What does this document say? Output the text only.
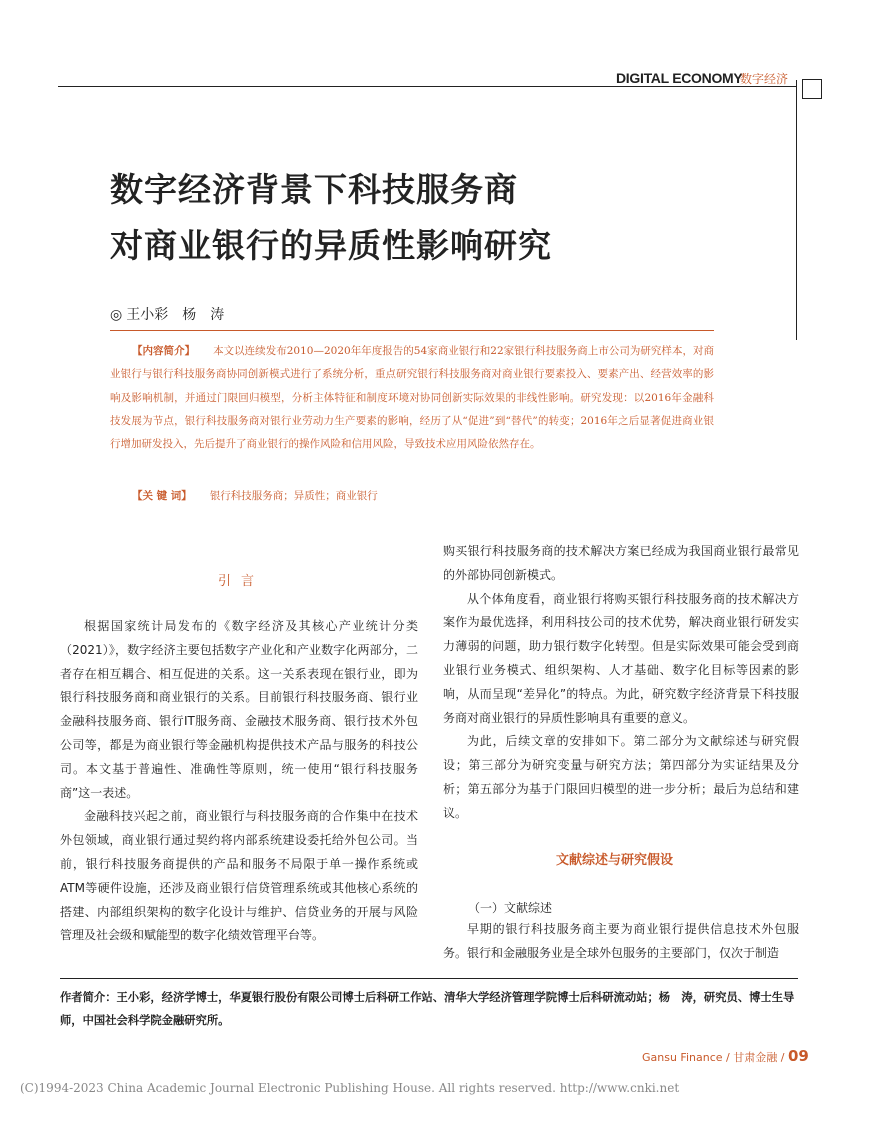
DIGITAL ECONOMY
数字经济
数字经济背景下科技服务商
对商业银行的异质性影响研究
◎ 王小彩　杨　涛
【内容简介】 本文以连续发布2010—2020年年度报告的54家商业银行和22家银行科技服务商上市公司为研究样本，对商业银行与银行科技服务商协同创新模式进行了系统分析，重点研究银行科技服务商对商业银行要素投入、要素产出、经营效率的影响及影响机制，并通过门限回归模型，分析主体特征和制度环境对协同创新实际效果的非线性影响。研究发现：以2016年金融科技发展为节点，银行科技服务商对银行业劳动力生产要素的影响，经历了从“促进”到“替代”的转变；2016年之后显著促进商业银行增加研发投入，先后提升了商业银行的操作风险和信用风险，导致技术应用风险依然存在。
【关 键 词】 银行科技服务商；异质性；商业银行
引言

根据国家统计局发布的《数字经济及其核心产业统计分类（2021）》，数字经济主要包括数字产业化和产业数字化两部分，二者存在相互耦合、相互促进的关系。这一关系表现在银行业，即为银行科技服务商和商业银行的关系。目前银行科技服务商、银行业金融科技服务商、银行IT服务商、金融技术服务商、银行技术外包公司等，都是为商业银行等金融机构提供技术产品与服务的科技公司。本文基于普遍性、准确性等原则，统一使用“银行科技服务商”这一表述。

金融科技兴起之前，商业银行与科技服务商的合作集中在技术外包领域，商业银行通过契约将内部系统建设委托给外包公司。当前，银行科技服务商提供的产品和服务不局限于单一操作系统或ATM等硬件设施，还涉及商业银行信贷管理系统或其他核心系统的搭建、内部组织架构的数字化设计与维护、信贷业务的开展与风险管理及社会级和赋能型的数字化绩效管理平台等。

购买银行科技服务商的技术解决方案已经成为我国商业银行最常见的外部协同创新模式。

从个体角度看，商业银行将购买银行科技服务商的技术解决方案作为最优选择，利用科技公司的技术优势，解决商业银行研发实力薄弱的问题，助力银行数字化转型。但是实际效果可能会受到商业银行业务模式、组织架构、人才基础、数字化目标等因素的影响，从而呈现“差异化”的特点。为此，研究数字经济背景下科技服务商对商业银行的异质性影响具有重要的意义。

为此，后续文章的安排如下。第二部分为文献综述与研究假设；第三部分为研究变量与研究方法；第四部分为实证结果及分析；第五部分为基于门限回归模型的进一步分析；最后为总结和建议。

文献综述与研究假设
（一）文献综述

早期的银行科技服务商主要为商业银行提供信息技术外包服务。银行和金融服务业是全球外包服务的主要部门，仅次于制造

作者简介：王小彩，经济学博士，华夏银行股份有限公司博士后科研工作站、清华大学经济管理学院博士后科研流动站；杨　涛，研究员、博士生导师，中国社会科学院金融研究所。
Gansu Finance / 甘肃金融 / 09
(C)1994-2023 China Academic Journal Electronic Publishing House. All rights reserved. http://www.cnki.net
